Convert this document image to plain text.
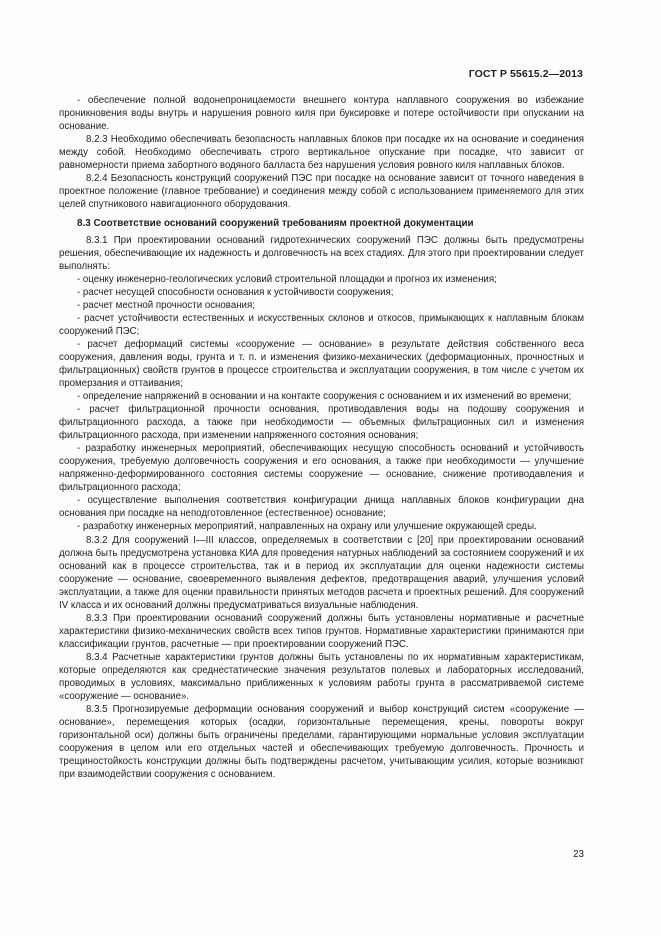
ГОСТ Р 55615.2—2013

- обеспечение полной водонепроницаемости внешнего контура наплавного сооружения во избежание проникновения воды внутрь и нарушения ровного киля при буксировке и потере остойчивости при опускании на основание.

8.2.3 Необходимо обеспечивать безопасность наплавных блоков при посадке их на основание и соединения между собой. Необходимо обеспечивать строго вертикальное опускание при посадке, что зависит от равномерности приема забортного водяного балласта без нарушения условия ровного киля наплавных блоков.

8.2.4 Безопасность конструкций сооружений ПЭС при посадке на основание зависит от точного наведения в проектное положение (главное требование) и соединения между собой с использованием применяемого для этих целей спутникового навигационного оборудования.

8.3 Соответствие оснований сооружений требованиям проектной документации

8.3.1 При проектировании оснований гидротехнических сооружений ПЭС должны быть предусмотрены решения, обеспечивающие их надежность и долговечность на всех стадиях. Для этого при проектировании следует выполнять:

- оценку инженерно-геологических условий строительной площадки и прогноз их изменения;

- расчет несущей способности основания к устойчивости сооружения;

- расчет местной прочности основания;

- расчет устойчивости естественных и искусственных склонов и откосов, примыкающих к наплавным блокам сооружений ПЭС;

- расчет деформаций системы «сооружение — основание» в результате действия собственного веса сооружения, давления воды, грунта и т. п. и изменения физико-механических (деформационных, прочностных и фильтрационных) свойств грунтов в процессе строительства и эксплуатации сооружения, в том числе с учетом их промерзания и оттаивания;

- определение напряжений в основании и на контакте сооружения с основанием и их изменений во времени;

- расчет фильтрационной прочности основания, противодавления воды на подошву сооружения и фильтрационного расхода, а также при необходимости — объемных фильтрационных сил и изменения фильтрационного расхода, при изменении напряженного состояния основания;

- разработку инженерных мероприятий, обеспечивающих несущую способность оснований и устойчивость сооружения, требуемую долговечность сооружения и его основания, а также при необходимости — улучшение напряженно-деформированного состояния системы сооружение — основание, снижение противодавления и фильтрационного расхода;

- осуществление выполнения соответствия конфигурации днища наплавных блоков конфигурации дна основания при посадке на неподготовленное (естественное) основание;

- разработку инженерных мероприятий, направленных на охрану или улучшение окружающей среды.

8.3.2 Для сооружений I—III классов, определяемых в соответствии с [20] при проектировании оснований должна быть предусмотрена установка КИА для проведения натурных наблюдений за состоянием сооружений и их оснований как в процессе строительства, так и в период их эксплуатации для оценки надежности системы сооружение — основание, своевременного выявления дефектов, предотвращения аварий, улучшения условий эксплуатации, а также для оценки правильности принятых методов расчета и проектных решений. Для сооружений IV класса и их оснований должны предусматриваться визуальные наблюдения.

8.3.3 При проектировании оснований сооружений должны быть установлены нормативные и расчетные характеристики физико-механических свойств всех типов грунтов. Нормативные характеристики принимаются при классификации грунтов, расчетные — при проектировании сооружений ПЭС.

8.3.4 Расчетные характеристики грунтов должны быть установлены по их нормативным характеристикам, которые определяются как среднестатические значения результатов полевых и лабораторных исследований, проводимых в условиях, максимально приближенных к условиям работы грунта в рассматриваемой системе «сооружение — основание».

8.3.5 Прогнозируемые деформации основания сооружений и выбор конструкций систем «сооружение — основание», перемещения которых (осадки, горизонтальные перемещения, крены, повороты вокруг горизонтальной оси) должны быть ограничены пределами, гарантирующими нормальные условия эксплуатации сооружения в целом или его отдельных частей и обеспечивающих требуемую долговечность. Прочность и трещиностойкость конструкции должны быть подтверждены расчетом, учитывающим усилия, которые возникают при взаимодействии сооружения с основанием.

23
